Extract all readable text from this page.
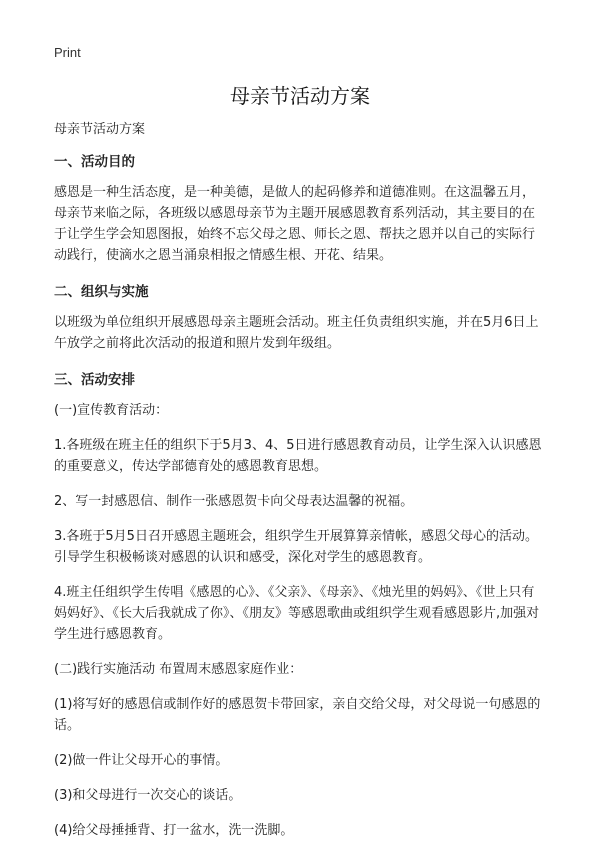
Print
母亲节活动方案

母亲节活动方案

一、活动目的

感恩是一种生活态度，是一种美德，是做人的起码修养和道德准则。在这温馨五月，母亲节来临之际，各班级以感恩母亲节为主题开展感恩教育系列活动，其主要目的在于让学生学会知恩图报，始终不忘父母之恩、师长之恩、帮扶之恩并以自己的实际行动践行，使滴水之恩当涌泉相报之情感生根、开花、结果。

二、组织与实施

以班级为单位组织开展感恩母亲主题班会活动。班主任负责组织实施，并在5月6日上午放学之前将此次活动的报道和照片发到年级组。

三、活动安排

(一)宣传教育活动：

1.各班级在班主任的组织下于5月3、4、5日进行感恩教育动员，让学生深入认识感恩的重要意义，传达学部德育处的感恩教育思想。

2、写一封感恩信、制作一张感恩贺卡向父母表达温馨的祝福。

3.各班于5月5日召开感恩主题班会，组织学生开展算算亲情帐，感恩父母心的活动。引导学生积极畅谈对感恩的认识和感受，深化对学生的感恩教育。

4.班主任组织学生传唱《感恩的心》、《父亲》、《母亲》、《烛光里的妈妈》、《世上只有妈妈好》、《长大后我就成了你》、《朋友》等感恩歌曲或组织学生观看感恩影片,加强对学生进行感恩教育。

(二)践行实施活动 布置周末感恩家庭作业：

(1)将写好的感恩信或制作好的感恩贺卡带回家，亲自交给父母，对父母说一句感恩的话。

(2)做一件让父母开心的事情。

(3)和父母进行一次交心的谈话。

(4)给父母捶捶背、打一盆水，洗一洗脚。
